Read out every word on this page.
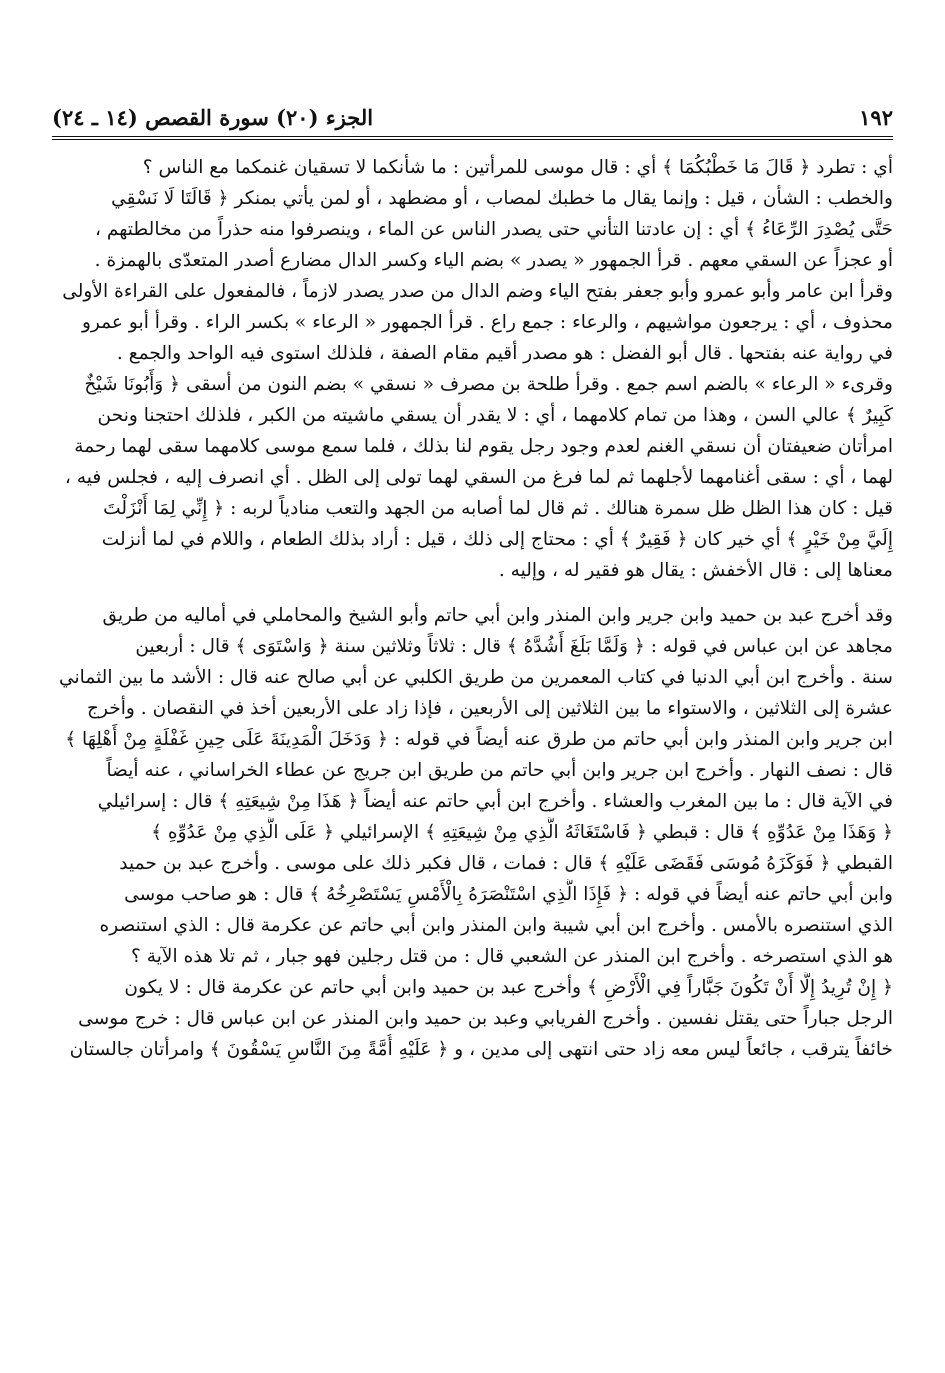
١٩٢
الجزء (٢٠) سورة القصص (١٤ ـ ٢٤)
أي : تطرد ﴿ قَالَ مَا خَطْبُكُمَا ﴾ أي : قال موسى للمرأتين : ما شأنكما لا تسقيان غنمكما مع الناس ؟
والخطب : الشأن ، قيل : وإنما يقال ما خطبك لمصاب ، أو مضطهد ، أو لمن يأتي بمنكر ﴿ قَالَتَا لَا نَسْقِي
حَتَّى يُصْدِرَ الرِّعَاءُ ﴾ أي : إن عادتنا التأني حتى يصدر الناس عن الماء ، وينصرفوا منه حذراً من مخالطتهم ،
أو عجزاً عن السقي معهم . قرأ الجمهور « يصدر » بضم الياء وكسر الدال مضارع أصدر المتعدّى بالهمزة .
وقرأ ابن عامر وأبو عمرو وأبو جعفر بفتح الياء وضم الدال من صدر يصدر لازماً ، فالمفعول على القراءة الأولى
محذوف ، أي : يرجعون مواشيهم ، والرعاء : جمع راع . قرأ الجمهور « الرعاء » بكسر الراء . وقرأ أبو عمرو
في رواية عنه بفتحها . قال أبو الفضل : هو مصدر أقيم مقام الصفة ، فلذلك استوى فيه الواحد والجمع .
وقرىء « الرعاء » بالضم اسم جمع . وقرأ طلحة بن مصرف « نسقي » بضم النون من أسقى ﴿ وَأَبُونَا شَيْخٌ
كَبِيرٌ ﴾ عالي السن ، وهذا من تمام كلامهما ، أي : لا يقدر أن يسقي ماشيته من الكبر ، فلذلك احتجنا ونحن
امرأتان ضعيفتان أن نسقي الغنم لعدم وجود رجل يقوم لنا بذلك ، فلما سمع موسى كلامهما سقى لهما رحمة
لهما ، أي : سقى أغنامهما لأجلهما ثم لما فرغ من السقي لهما تولى إلى الظل . أي انصرف إليه ، فجلس فيه ،
قيل : كان هذا الظل ظل سمرة هنالك . ثم قال لما أصابه من الجهد والتعب منادياً لربه : ﴿ إِنِّي لِمَا أَنْزَلْتَ
إِلَيَّ مِنْ خَيْرٍ ﴾ أي خير كان ﴿ فَقِيرٌ ﴾ أي : محتاج إلى ذلك ، قيل : أراد بذلك الطعام ، واللام في لما أنزلت
معناها إلى : قال الأخفش : يقال هو فقير له ، وإليه .
وقد أخرج عبد بن حميد وابن جرير وابن المنذر وابن أبي حاتم وأبو الشيخ والمحاملي في أماليه من طريق
مجاهد عن ابن عباس في قوله : ﴿ وَلَمَّا بَلَغَ أَشُدَّهُ ﴾ قال : ثلاثاً وثلاثين سنة ﴿ وَاسْتَوَى ﴾ قال : أربعين
سنة . وأخرج ابن أبي الدنيا في كتاب المعمرين من طريق الكلبي عن أبي صالح عنه قال : الأشد ما بين الثماني
عشرة إلى الثلاثين ، والاستواء ما بين الثلاثين إلى الأربعين ، فإذا زاد على الأربعين أخذ في النقصان . وأخرج
ابن جرير وابن المنذر وابن أبي حاتم من طرق عنه أيضاً في قوله : ﴿ وَدَخَلَ الْمَدِينَةَ عَلَى حِينِ غَفْلَةٍ مِنْ أَهْلِهَا ﴾
قال : نصف النهار . وأخرج ابن جرير وابن أبي حاتم من طريق ابن جريج عن عطاء الخراساني ، عنه أيضاً
في الآية قال : ما بين المغرب والعشاء . وأخرج ابن أبي حاتم عنه أيضاً ﴿ هَذَا مِنْ شِيعَتِهِ ﴾ قال : إسرائيلي
﴿ وَهَذَا مِنْ عَدُوِّهِ ﴾ قال : قبطي ﴿ فَاسْتَغَاثَهُ الَّذِي مِنْ شِيعَتِهِ ﴾ الإسرائيلي ﴿ عَلَى الَّذِي مِنْ عَدُوِّهِ ﴾
القبطي ﴿ فَوَكَزَهُ مُوسَى فَقَضَى عَلَيْهِ ﴾ قال : فمات ، قال فكبر ذلك على موسى . وأخرج عبد بن حميد
وابن أبي حاتم عنه أيضاً في قوله : ﴿ فَإِذَا الَّذِي اسْتَنْصَرَهُ بِالْأَمْسِ يَسْتَصْرِخُهُ ﴾ قال : هو صاحب موسى
الذي استنصره بالأمس . وأخرج ابن أبي شيبة وابن المنذر وابن أبي حاتم عن عكرمة قال : الذي استنصره
هو الذي استصرخه . وأخرج ابن المنذر عن الشعبي قال : من قتل رجلين فهو جبار ، ثم تلا هذه الآية ؟
﴿ إِنْ تُرِيدُ إِلَّا أَنْ تَكُونَ جَبَّاراً فِي الْأَرْضِ ﴾ وأخرج عبد بن حميد وابن أبي حاتم عن عكرمة قال : لا يكون
الرجل جباراً حتى يقتل نفسين . وأخرج الفريابي وعبد بن حميد وابن المنذر عن ابن عباس قال : خرج موسى
خائفاً يترقب ، جائعاً ليس معه زاد حتى انتهى إلى مدين ، و ﴿ عَلَيْهِ أُمَّةً مِنَ النَّاسِ يَسْقُونَ ﴾ وامرأتان جالستان
